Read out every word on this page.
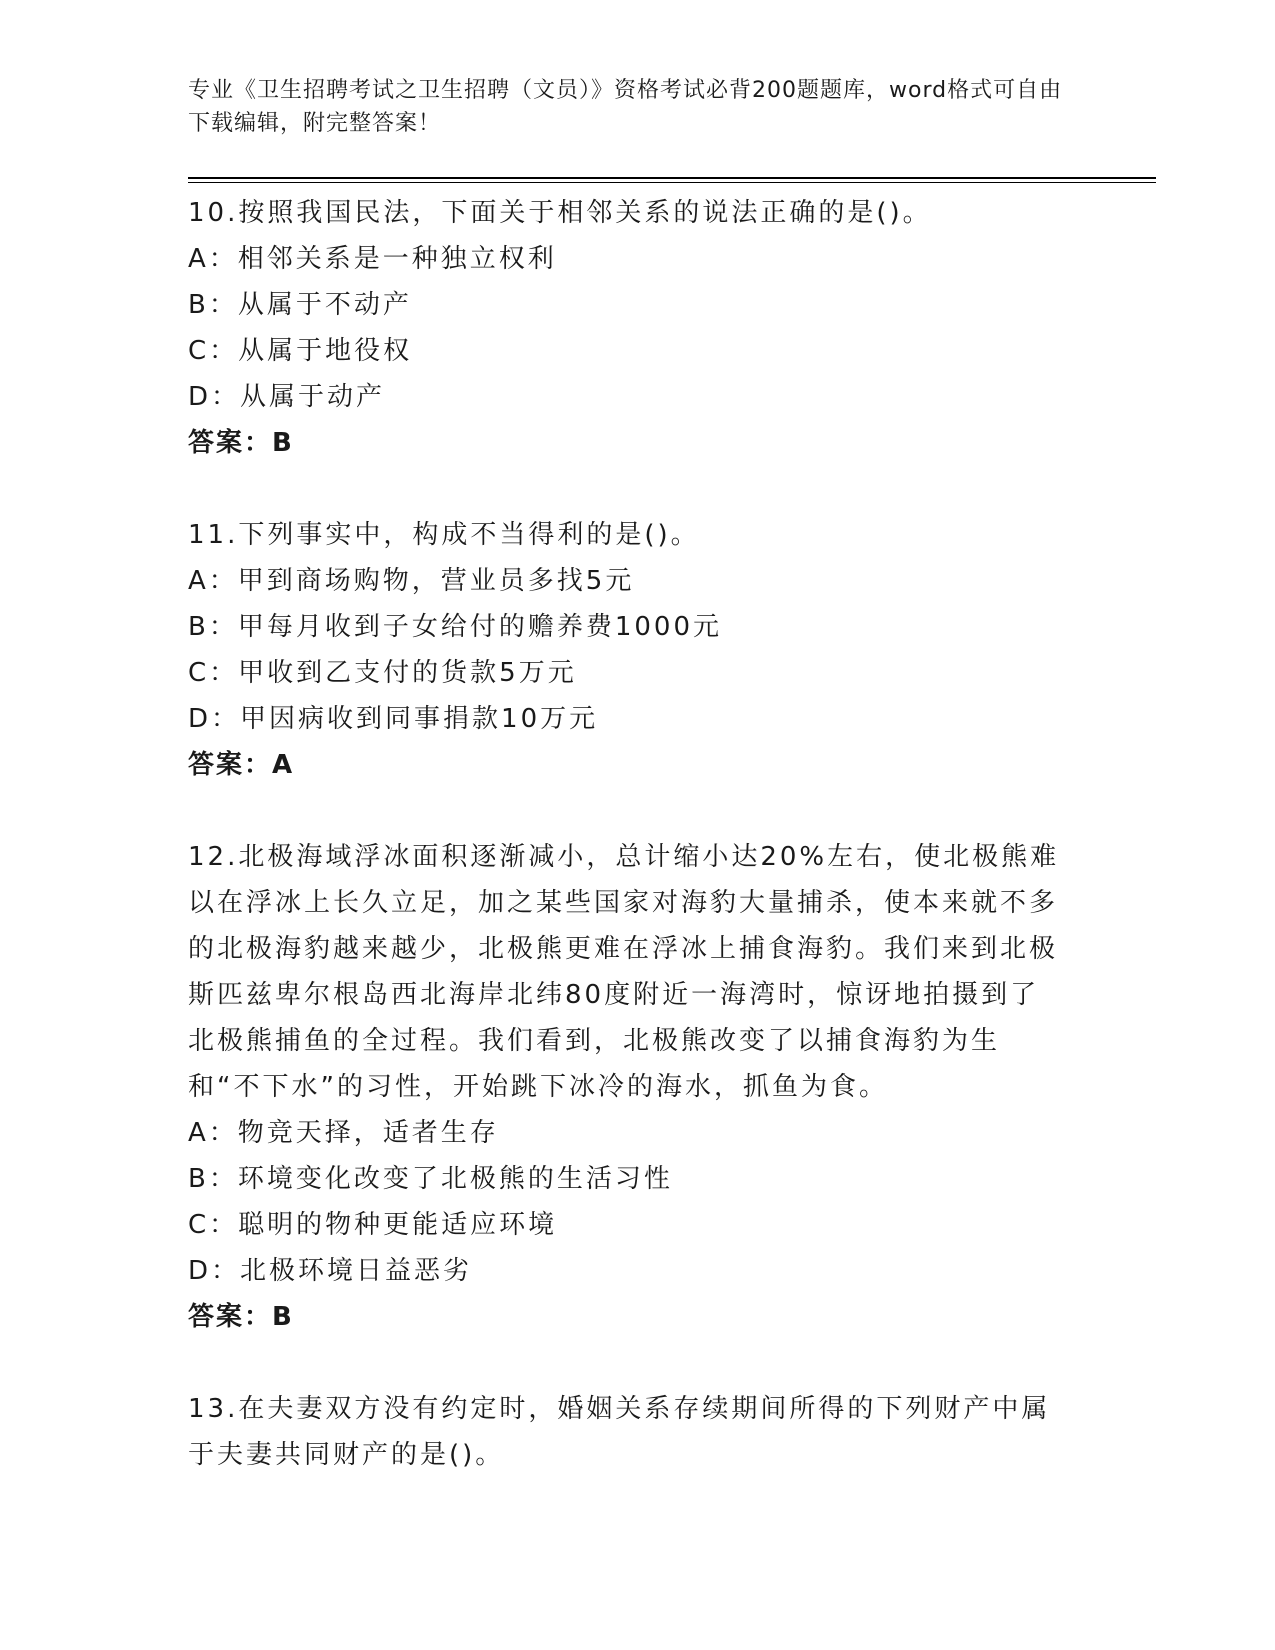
专业《卫生招聘考试之卫生招聘（文员）》资格考试必背200题题库，word格式可自由下载编辑，附完整答案！
10.按照我国民法，下面关于相邻关系的说法正确的是()。
A：相邻关系是一种独立权利
B：从属于不动产
C：从属于地役权
D：从属于动产
答案：B
11.下列事实中，构成不当得利的是()。
A：甲到商场购物，营业员多找5元
B：甲每月收到子女给付的赡养费1000元
C：甲收到乙支付的货款5万元
D：甲因病收到同事捐款10万元
答案：A
12.北极海域浮冰面积逐渐减小，总计缩小达20%左右，使北极熊难以在浮冰上长久立足，加之某些国家对海豹大量捕杀，使本来就不多的北极海豹越来越少，北极熊更难在浮冰上捕食海豹。我们来到北极斯匹兹卑尔根岛西北海岸北纬80度附近一海湾时，惊讶地拍摄到了北极熊捕鱼的全过程。我们看到，北极熊改变了以捕食海豹为生和“不下水”的习性，开始跳下冰冷的海水，抓鱼为食。
A：物竞天择，适者生存
B：环境变化改变了北极熊的生活习性
C：聪明的物种更能适应环境
D：北极环境日益恶劣
答案：B
13.在夫妻双方没有约定时，婚姻关系存续期间所得的下列财产中属于夫妻共同财产的是()。
